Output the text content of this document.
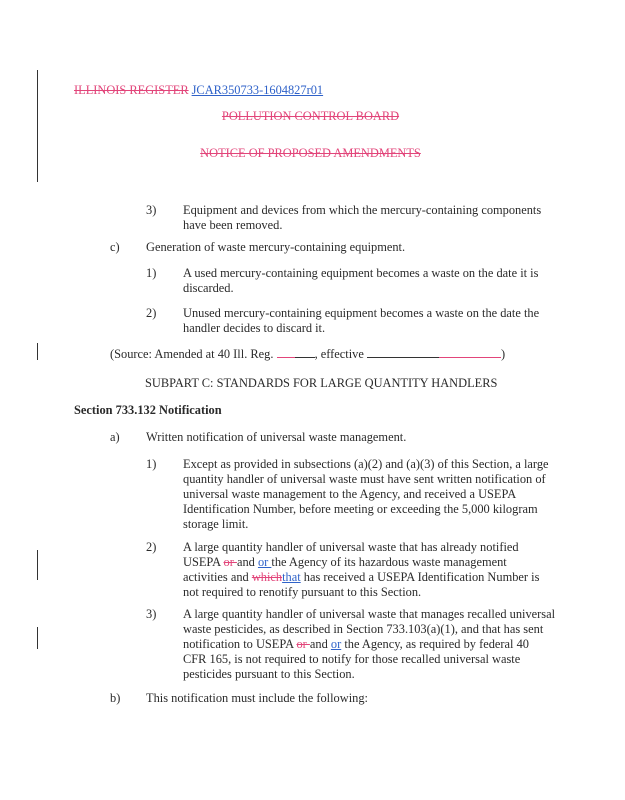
ILLINOIS REGISTER JCAR350733-1604827r01
POLLUTION CONTROL BOARD
NOTICE OF PROPOSED AMENDMENTS
3) Equipment and devices from which the mercury-containing components
have been removed.
c) Generation of waste mercury-containing equipment.
1) A used mercury-containing equipment becomes a waste on the date it is
discarded.
2) Unused mercury-containing equipment becomes a waste on the date the
handler decides to discard it.
(Source: Amended at 40 Ill. Reg.	, effective	)
SUBPART C: STANDARDS FOR LARGE QUANTITY HANDLERS
Section 733.132 Notification
a) Written notification of universal waste management.
1) Except as provided in subsections (a)(2) and (a)(3) of this Section, a large
quantity handler of universal waste must have sent written notification of
universal waste management to the Agency, and received a USEPA
Identification Number, before meeting or exceeding the 5,000 kilogram
storage limit.
2) A large quantity handler of universal waste that has already notified
USEPA or and or the Agency of its hazardous waste management
activities and whichthat has received a USEPA Identification Number is
not required to renotify pursuant to this Section.
3) A large quantity handler of universal waste that manages recalled universal
waste pesticides, as described in Section 733.103(a)(1), and that has sent
notification to USEPA or and or the Agency, as required by federal 40
CFR 165, is not required to notify for those recalled universal waste
pesticides pursuant to this Section.
b) This notification must include the following:
